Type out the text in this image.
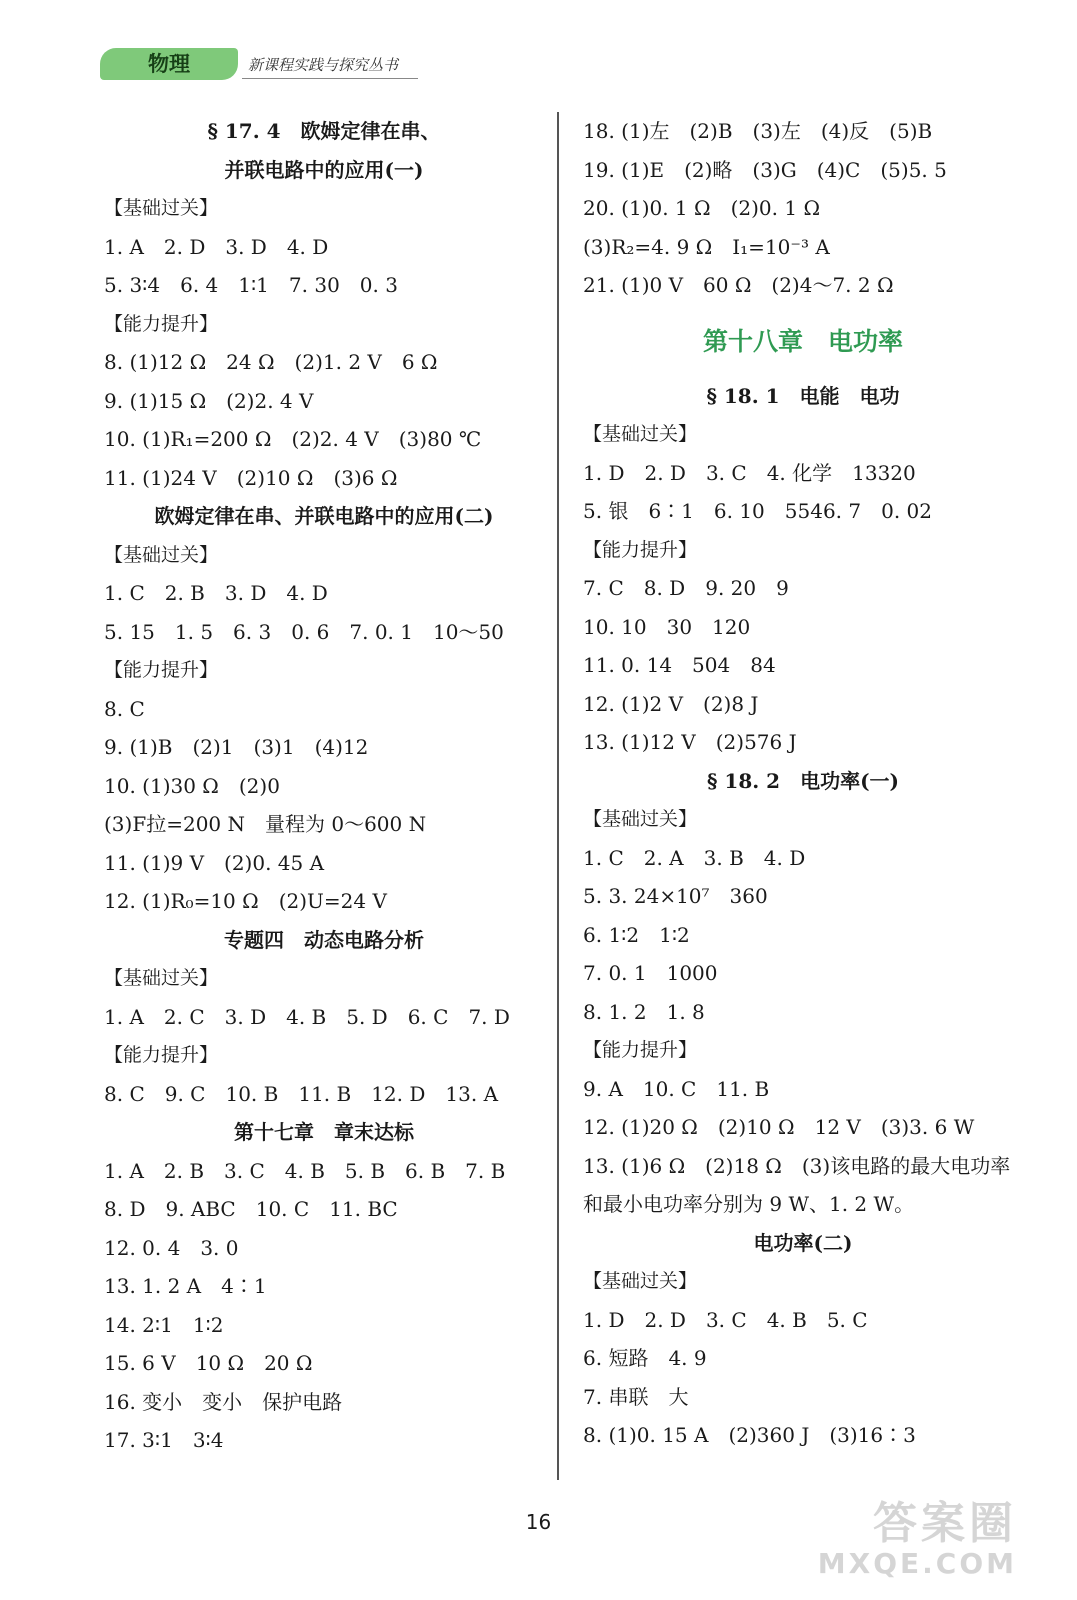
物理	新课程实践与探究丛书
§ 17. 4　欧姆定律在串、
并联电路中的应用(一)
【基础过关】
1. A　2. D　3. D　4. D
5. 3∶4　6. 4　1∶1　7. 30　0. 3
【能力提升】
8. (1)12 Ω　24 Ω　(2)1. 2 V　6 Ω
9. (1)15 Ω　(2)2. 4 V
10. (1)R₁=200 Ω　(2)2. 4 V　(3)80 ℃
11. (1)24 V　(2)10 Ω　(3)6 Ω
欧姆定律在串、并联电路中的应用(二)
【基础过关】
1. C　2. B　3. D　4. D
5. 15　1. 5　6. 3　0. 6　7. 0. 1　10～50
【能力提升】
8. C
9. (1)B　(2)1　(3)1　(4)12
10. (1)30 Ω　(2)0
(3)F拉=200 N　量程为 0～600 N
11. (1)9 V　(2)0. 45 A
12. (1)R₀=10 Ω　(2)U=24 V
专题四　动态电路分析
【基础过关】
1. A　2. C　3. D　4. B　5. D　6. C　7. D
【能力提升】
8. C　9. C　10. B　11. B　12. D　13. A
第十七章　章末达标
1. A　2. B　3. C　4. B　5. B　6. B　7. B
8. D　9. ABC　10. C　11. BC
12. 0. 4　3. 0
13. 1. 2 A　4∶1
14. 2∶1　1∶2
15. 6 V　10 Ω　20 Ω
16. 变小　变小　保护电路
17. 3∶1　3∶4
18. (1)左　(2)B　(3)左　(4)反　(5)B
19. (1)E　(2)略　(3)G　(4)C　(5)5. 5
20. (1)0. 1 Ω　(2)0. 1 Ω
(3)R₂=4. 9 Ω　I₁=10⁻³ A
21. (1)0 V　60 Ω　(2)4～7. 2 Ω
第十八章　电功率
§ 18. 1　电能　电功
【基础过关】
1. D　2. D　3. C　4. 化学　13320
5. 银　6∶1　6. 10　5546. 7　0. 02
【能力提升】
7. C　8. D　9. 20　9
10. 10　30　120
11. 0. 14　504　84
12. (1)2 V　(2)8 J
13. (1)12 V　(2)576 J
§ 18. 2　电功率(一)
【基础过关】
1. C　2. A　3. B　4. D
5. 3. 24×10⁷　360
6. 1∶2　1∶2
7. 0. 1　1000
8. 1. 2　1. 8
【能力提升】
9. A　10. C　11. B
12. (1)20 Ω　(2)10 Ω　12 V　(3)3. 6 W
13. (1)6 Ω　(2)18 Ω　(3)该电路的最大电功率和最小电功率分别为 9 W、1. 2 W。
电功率(二)
【基础过关】
1. D　2. D　3. C　4. B　5. C
6. 短路　4. 9
7. 串联　大
8. (1)0. 15 A　(2)360 J　(3)16∶3
16	答案圈
MXQE.COM
